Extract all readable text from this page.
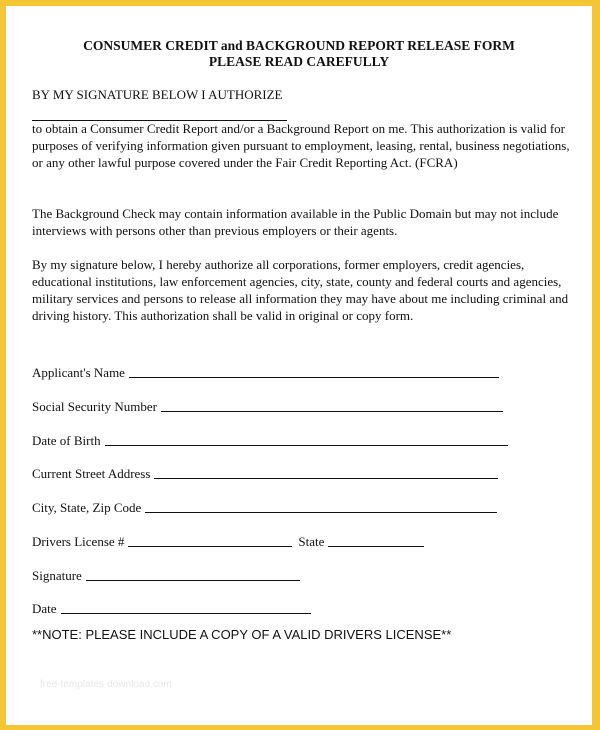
CONSUMER CREDIT and BACKGROUND REPORT RELEASE FORM

PLEASE READ CAREFULLY

BY MY SIGNATURE BELOW I AUTHORIZE

to obtain a Consumer Credit Report and/or a Background Report on me. This authorization is valid for purposes of verifying information given pursuant to employment, leasing, rental, business negotiations, or any other lawful purpose covered under the Fair Credit Reporting Act. (FCRA)

The Background Check may contain information available in the Public Domain but may not include interviews with persons other than previous employers or their agents.

By my signature below, I hereby authorize all corporations, former employers, credit agencies, educational institutions, law enforcement agencies, city, state, county and federal courts and agencies, military services and persons to release all information they may have about me including criminal and driving history. This authorization shall be valid in original or copy form.

Applicant's Name
Social Security Number
Date of Birth
Current Street Address
City, State, Zip Code
Drivers License #	State
Signature
Date
**NOTE: PLEASE INCLUDE A COPY OF A VALID DRIVERS LICENSE**
free-templates-download.com
